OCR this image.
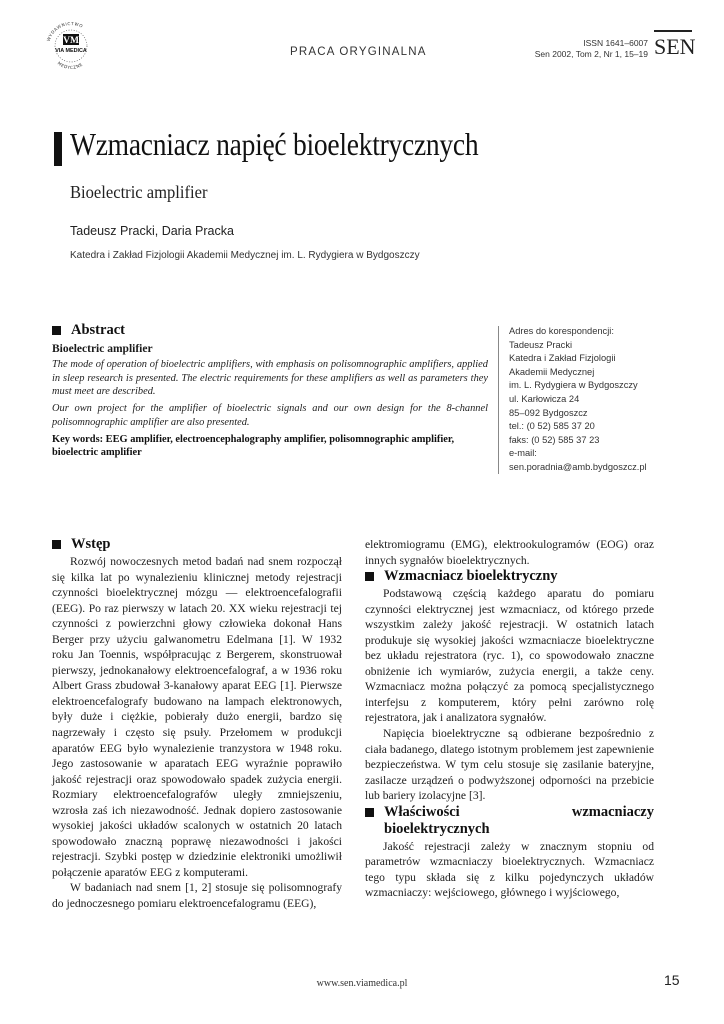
WYDAWNICTWO
MEDYCZNE
VM
VIA MEDICA	PRACA ORYGINALNA
ISSN 1641–6007
Sen 2002, Tom 2, Nr 1, 15–19 SEN
Wzmacniacz napięć bioelektrycznych
Bioelectric amplifier
Tadeusz Pracki, Daria Pracka
Katedra i Zakład Fizjologii Akademii Medycznej im. L. Rydygiera w Bydgoszczy
Abstract
Bioelectric amplifier

The mode of operation of bioelectric amplifiers, with emphasis on polisomnographic amplifiers, applied in sleep research is presented. The electric requirements for these amplifiers as well as parameters they must meet are described.

Our own project for the amplifier of bioelectric signals and our own design for the 8-channel polisomnographic amplifier are also presented.

Key words: EEG amplifier, electroencephalography amplifier, polisomnographic amplifier, bioelectric amplifier

Adres do korespondencji:
Tadeusz Pracki
Katedra i Zakład Fizjologii
Akademii Medycznej
im. L. Rydygiera w Bydgoszczy
ul. Karłowicza 24
85–092 Bydgoszcz
tel.: (0 52) 585 37 20
faks: (0 52) 585 37 23
e-mail:
sen.poradnia@amb.bydgoszcz.pl
Wstęp

Rozwój nowoczesnych metod badań nad snem rozpoczął się kilka lat po wynalezieniu klinicznej metody rejestracji czynności bioelektrycznej mózgu — elektroencefalografii (EEG). Po raz pierwszy w latach 20. XX wieku rejestracji tej czynności z powierzchni głowy człowieka dokonał Hans Berger przy użyciu galwanometru Edelmana [1]. W 1932 roku Jan Toennis, współpracując z Bergerem, skonstruował pierwszy, jednokanałowy elektroencefalograf, a w 1936 roku Albert Grass zbudował 3-kanałowy aparat EEG [1]. Pierwsze elektroencefalografy budowano na lampach elektronowych, były duże i ciężkie, pobierały dużo energii, bardzo się nagrzewały i często się psuły. Przełomem w produkcji aparatów EEG było wynalezienie tranzystora w 1948 roku. Jego zastosowanie w aparatach EEG wyraźnie poprawiło jakość rejestracji oraz spowodowało spadek zużycia energii. Rozmiary elektroencefalografów uległy zmniejszeniu, wzrosła zaś ich niezawodność. Jednak dopiero zastosowanie wysokiej jakości układów scalonych w ostatnich 20 latach spowodowało znaczną poprawę niezawodności i jakości rejestracji. Szybki postęp w dziedzinie elektroniki umożliwił połączenie aparatów EEG z komputerami.

W badaniach nad snem [1, 2] stosuje się polisomnografy do jednoczesnego pomiaru elektroencefalogramu (EEG),

elektromiogramu (EMG), elektrookulogramów (EOG) oraz innych sygnałów bioelektrycznych.

Wzmacniacz bioelektryczny

Podstawową częścią każdego aparatu do pomiaru czynności elektrycznej jest wzmacniacz, od którego przede wszystkim zależy jakość rejestracji. W ostatnich latach produkuje się wysokiej jakości wzmacniacze bioelektryczne bez układu rejestratora (ryc. 1), co spowodowało znaczne obniżenie ich wymiarów, zużycia energii, a także ceny. Wzmacniacz można połączyć za pomocą specjalistycznego interfejsu z komputerem, który pełni zarówno rolę rejestratora, jak i analizatora sygnałów.

Napięcia bioelektryczne są odbierane bezpośrednio z ciała badanego, dlatego istotnym problemem jest zapewnienie bezpieczeństwa. W tym celu stosuje się zasilanie bateryjne, zasilacze urządzeń o podwyższonej odporności na przebicie lub bariery izolacyjne [3].

Właściwości wzmacniaczy bioelektrycznych

Jakość rejestracji zależy w znacznym stopniu od parametrów wzmacniaczy bioelektrycznych. Wzmacniacz tego typu składa się z kilku pojedynczych układów wzmacniaczy: wejściowego, głównego i wyjściowego,

www.sen.viamedica.pl	15
